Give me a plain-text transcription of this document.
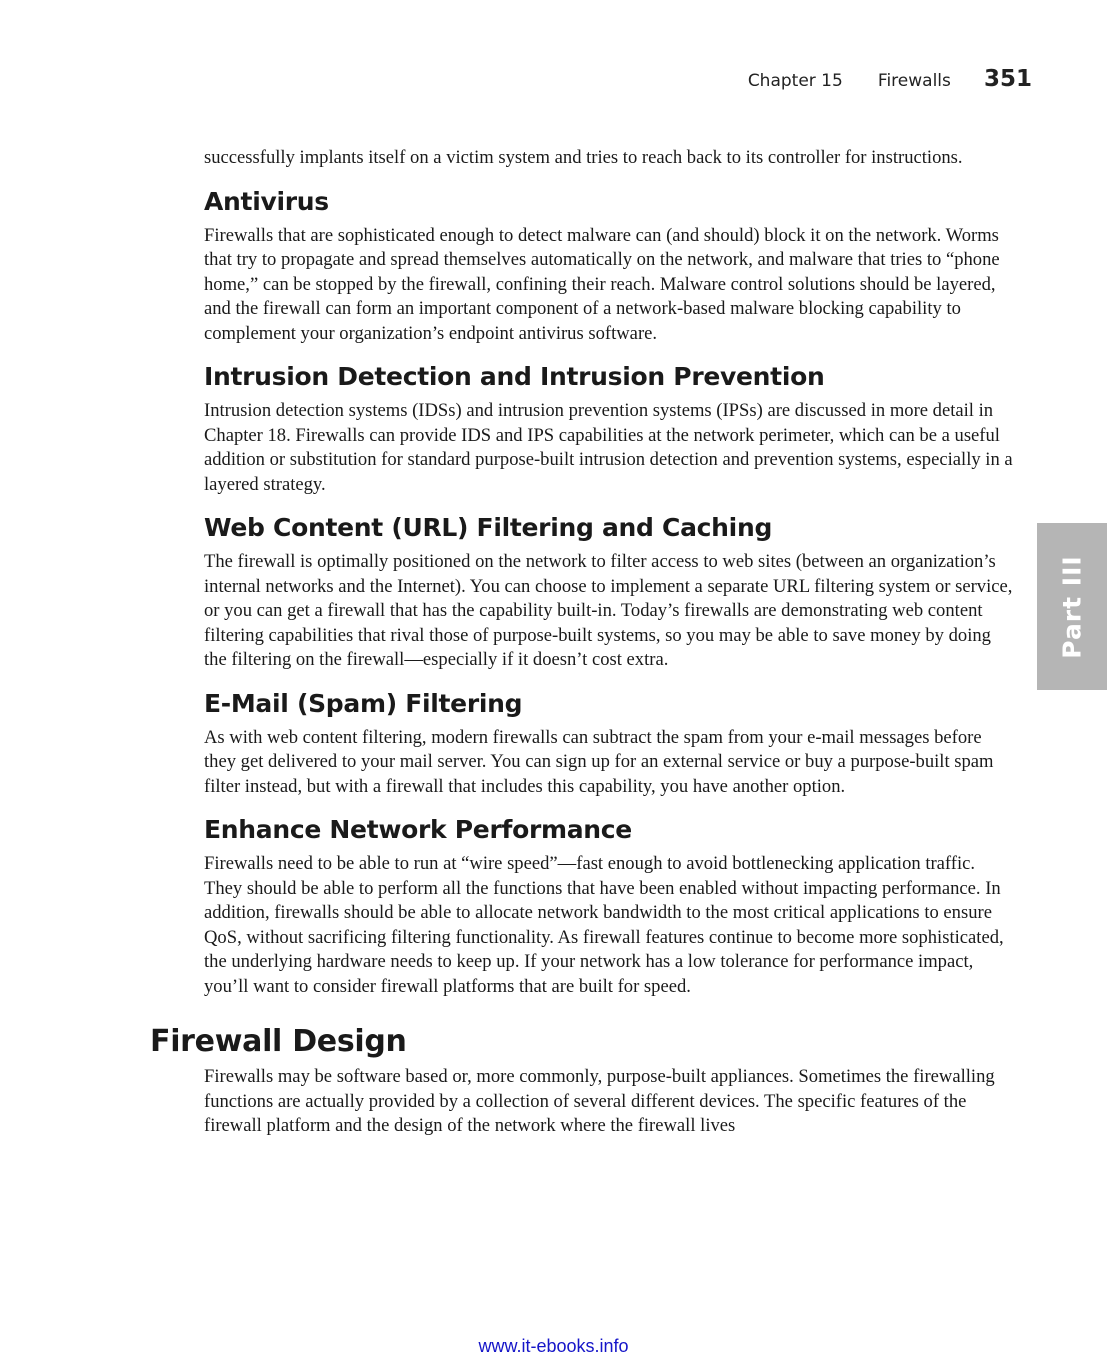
Chapter 15 Firewalls 351
Part III

successfully implants itself on a victim system and tries to reach back to its controller for instructions.

Antivirus

Firewalls that are sophisticated enough to detect malware can (and should) block it on the network. Worms that try to propagate and spread themselves automatically on the network, and malware that tries to “phone home,” can be stopped by the firewall, confining their reach. Malware control solutions should be layered, and the firewall can form an important component of a network-based malware blocking capability to complement your organization’s endpoint antivirus software.

Intrusion Detection and Intrusion Prevention

Intrusion detection systems (IDSs) and intrusion prevention systems (IPSs) are discussed in more detail in Chapter 18. Firewalls can provide IDS and IPS capabilities at the network perimeter, which can be a useful addition or substitution for standard purpose-built intrusion detection and prevention systems, especially in a layered strategy.

Web Content (URL) Filtering and Caching

The firewall is optimally positioned on the network to filter access to web sites (between an organization’s internal networks and the Internet). You can choose to implement a separate URL filtering system or service, or you can get a firewall that has the capability built-in. Today’s firewalls are demonstrating web content filtering capabilities that rival those of purpose-built systems, so you may be able to save money by doing the filtering on the firewall—especially if it doesn’t cost extra.

E-Mail (Spam) Filtering

As with web content filtering, modern firewalls can subtract the spam from your e-mail messages before they get delivered to your mail server. You can sign up for an external service or buy a purpose-built spam filter instead, but with a firewall that includes this capability, you have another option.

Enhance Network Performance

Firewalls need to be able to run at “wire speed”—fast enough to avoid bottlenecking application traffic. They should be able to perform all the functions that have been enabled without impacting performance. In addition, firewalls should be able to allocate network bandwidth to the most critical applications to ensure QoS, without sacrificing filtering functionality. As firewall features continue to become more sophisticated, the underlying hardware needs to keep up. If your network has a low tolerance for performance impact, you’ll want to consider firewall platforms that are built for speed.

Firewall Design

Firewalls may be software based or, more commonly, purpose-built appliances. Sometimes the firewalling functions are actually provided by a collection of several different devices. The specific features of the firewall platform and the design of the network where the firewall lives

www.it-ebooks.info
